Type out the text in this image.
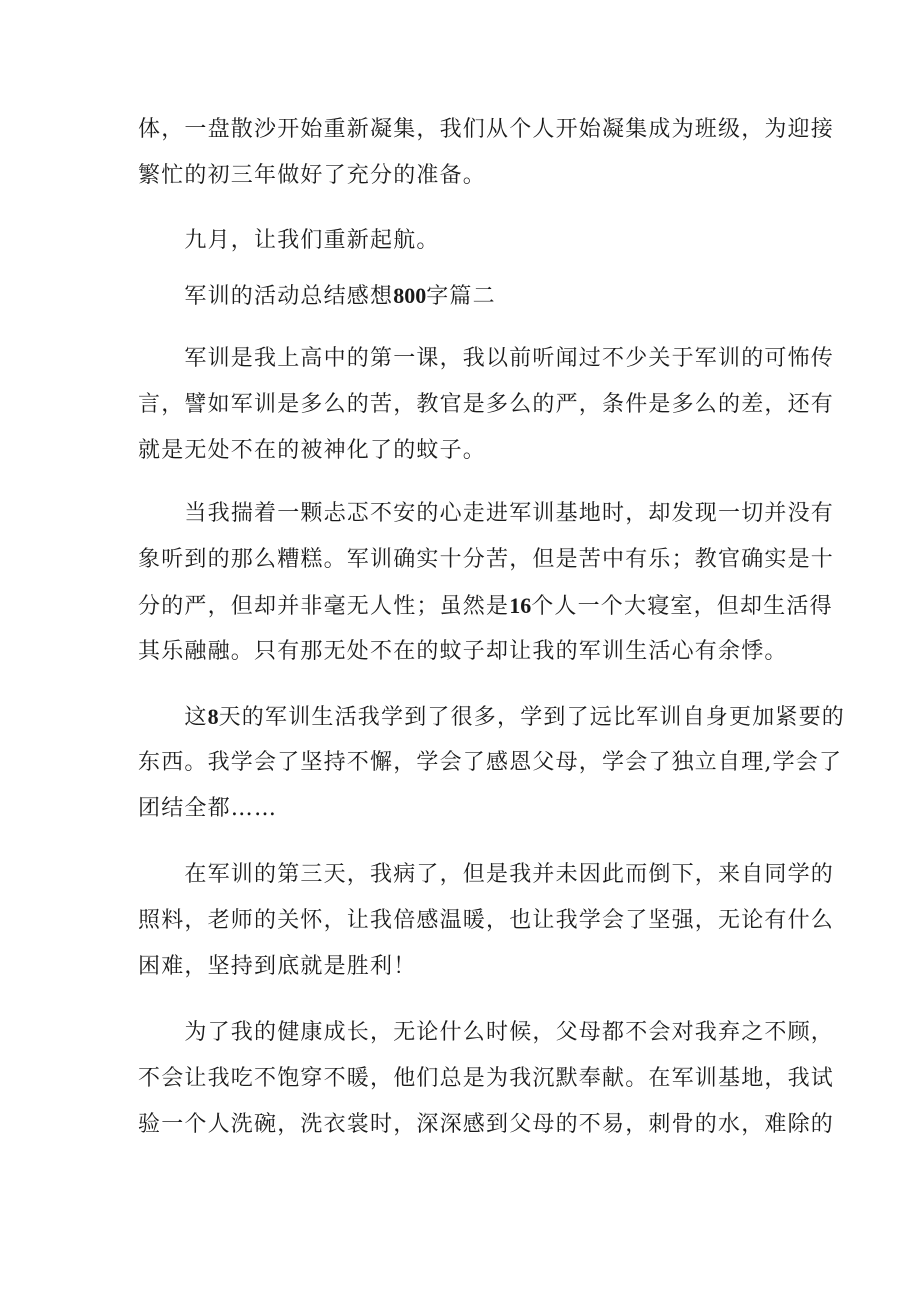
体，一盘散沙开始重新凝集，我们从个人开始凝集成为班级，为迎接
繁忙的初三年做好了充分的准备。
　　九月，让我们重新起航。
　　军训的活动总结感想800字篇二
　　军训是我上高中的第一课，我以前听闻过不少关于军训的可怖传
言，譬如军训是多么的苦，教官是多么的严，条件是多么的差，还有
就是无处不在的被神化了的蚊子。
　　当我揣着一颗忐忑不安的心走进军训基地时，却发现一切并没有
象听到的那么糟糕。军训确实十分苦，但是苦中有乐；教官确实是十
分的严，但却并非毫无人性；虽然是16个人一个大寝室，但却生活得
其乐融融。只有那无处不在的蚊子却让我的军训生活心有余悸。
　　这8天的军训生活我学到了很多，学到了远比军训自身更加紧要的
东西。我学会了坚持不懈，学会了感恩父母，学会了独立自理,学会了
团结全都……
　　在军训的第三天，我病了，但是我并未因此而倒下，来自同学的
照料，老师的关怀，让我倍感温暖，也让我学会了坚强，无论有什么
困难，坚持到底就是胜利！
　　为了我的健康成长，无论什么时候，父母都不会对我弃之不顾，
不会让我吃不饱穿不暖，他们总是为我沉默奉献。在军训基地，我试
验一个人洗碗，洗衣裳时，深深感到父母的不易，刺骨的水，难除的
